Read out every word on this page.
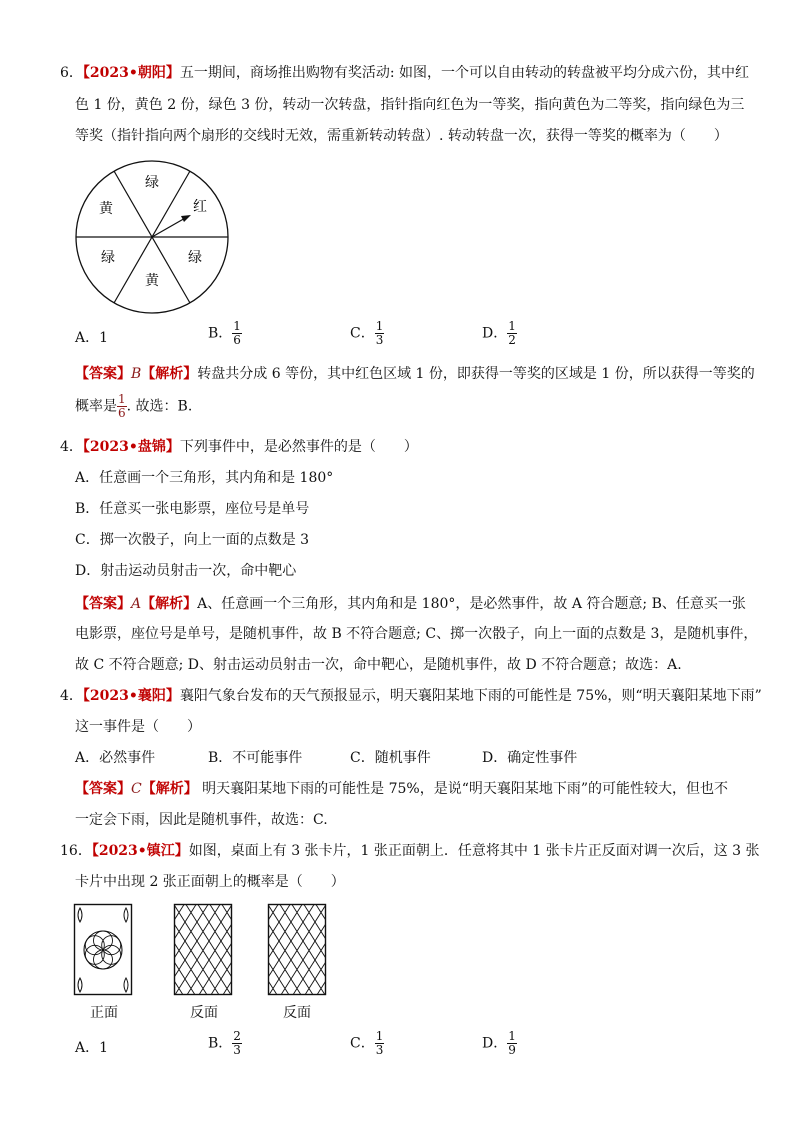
6．【2023•朝阳】五一期间，商场推出购物有奖活动: 如图，一个可以自由转动的转盘被平均分成六份，其中红
色 1 份，黄色 2 份，绿色 3 份，转动一次转盘，指针指向红色为一等奖，指向黄色为二等奖，指向绿色为三
等奖（指针指向两个扇形的交线时无效，需重新转动转盘）. 转动转盘一次，获得一等奖的概率为（　　）
绿
红
绿
黄
绿
黄
A．1	B． $\frac{1}{6}$	C． $\frac{1}{3}$	D． $\frac{1}{2}$
【答案】B【解析】转盘共分成 6 等份，其中红色区域 1 份，即获得一等奖的区域是 1 份，所以获得一等奖的
概率是 $\frac{1}{6}$ . 故选：B.
4．【2023•盘锦】下列事件中，是必然事件的是（　　）
A．任意画一个三角形，其内角和是 180°
B．任意买一张电影票，座位号是单号
C．掷一次骰子，向上一面的点数是 3
D．射击运动员射击一次，命中靶心
【答案】A【解析】A、任意画一个三角形，其内角和是 180°，是必然事件，故 A 符合题意; B、任意买一张
电影票，座位号是单号，是随机事件，故 B 不符合题意; C、掷一次骰子，向上一面的点数是 3，是随机事件，
故 C 不符合题意; D、射击运动员射击一次，命中靶心，是随机事件，故 D 不符合题意；故选：A.
4．【2023•襄阳】襄阳气象台发布的天气预报显示，明天襄阳某地下雨的可能性是 75%，则“明天襄阳某地下雨”
这一事件是（　　）
A．必然事件	B．不可能事件	C．随机事件	D．确定性事件
【答案】C【解析】 明天襄阳某地下雨的可能性是 75%，是说“明天襄阳某地下雨”的可能性较大，但也不
一定会下雨，因此是随机事件，故选：C.
16．【2023•镇江】如图，桌面上有 3 张卡片，1 张正面朝上．任意将其中 1 张卡片正反面对调一次后，这 3 张
卡片中出现 2 张正面朝上的概率是（　　）
正面	反面	反面
A．1	B． $\frac{2}{3}$	C． $\frac{1}{3}$	D． $\frac{1}{9}$
